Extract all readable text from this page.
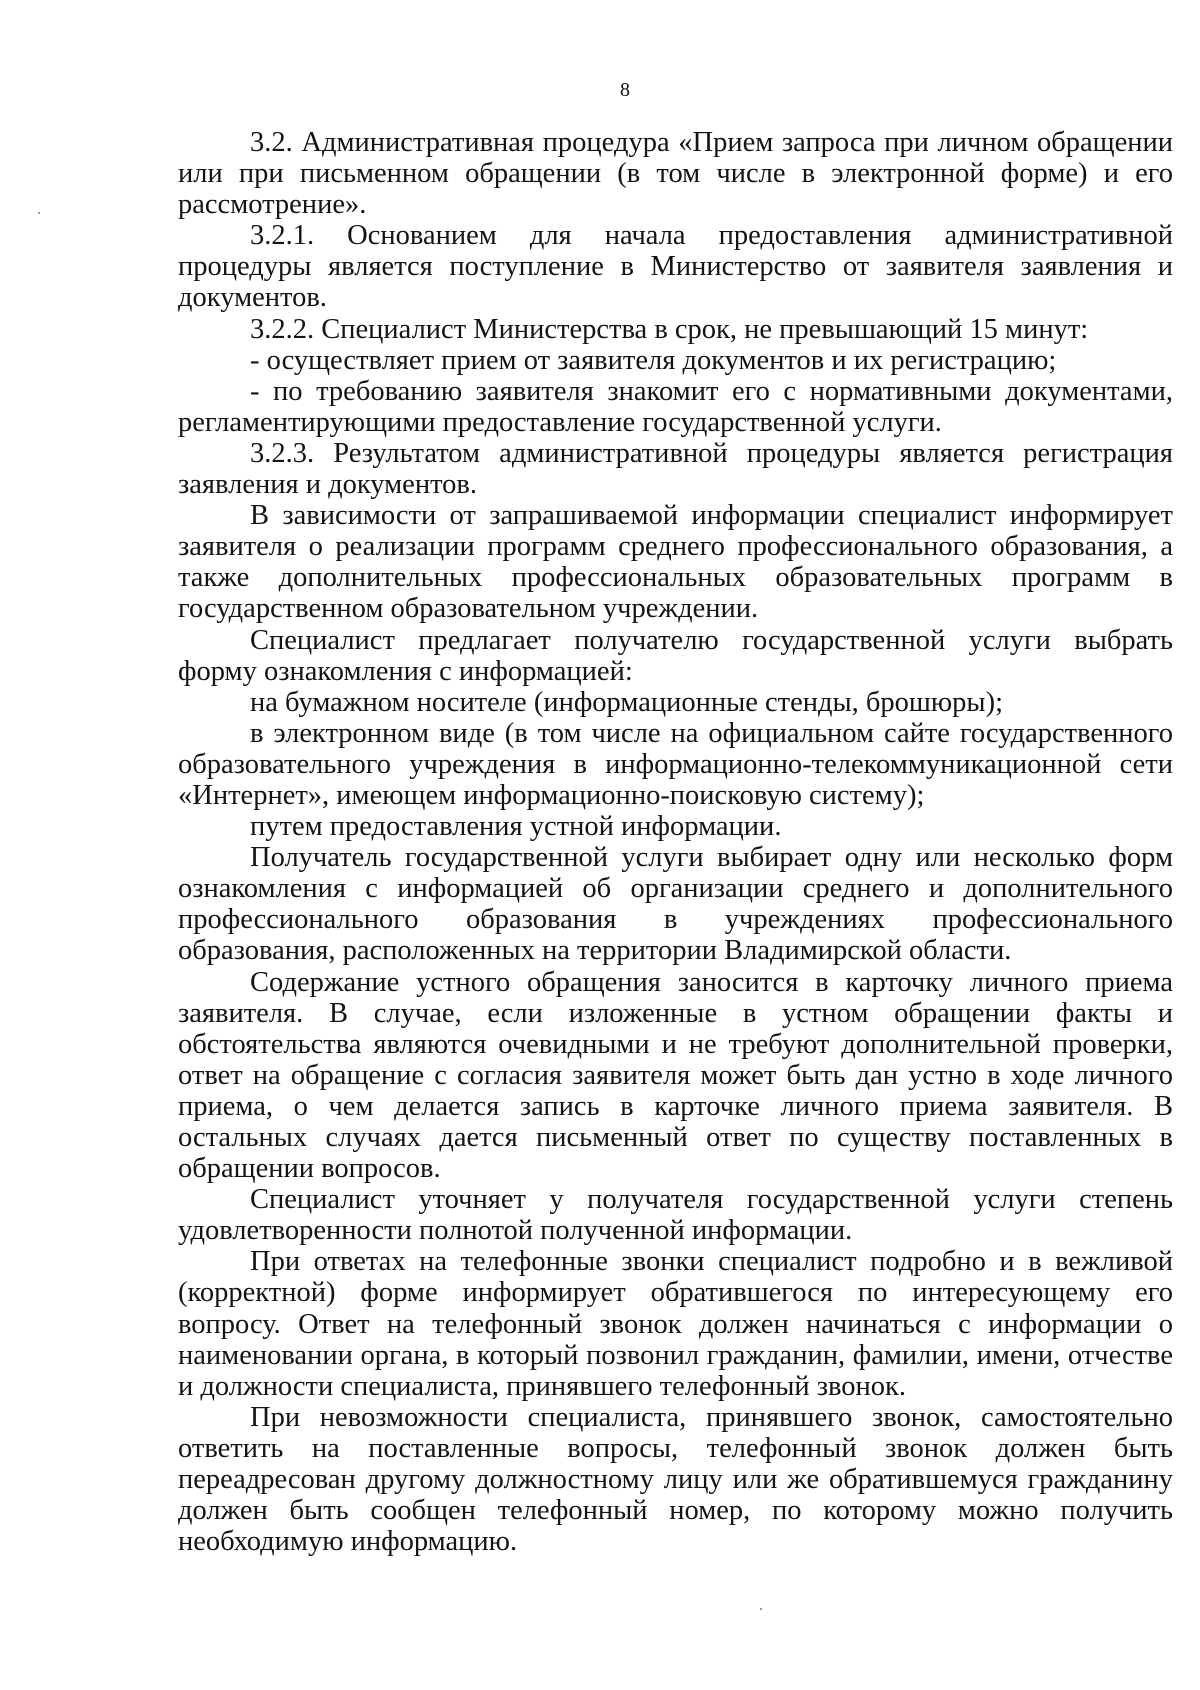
8

3.2. Административная процедура «Прием запроса при личном обращении или при письменном обращении (в том числе в электронной форме) и его рассмотрение».

3.2.1. Основанием для начала предоставления административной процедуры является поступление в Министерство от заявителя заявления и документов.

3.2.2. Специалист Министерства в срок, не превышающий 15 минут:

- осуществляет прием от заявителя документов и их регистрацию;

- по требованию заявителя знакомит его с нормативными документами, регламентирующими предоставление государственной услуги.

3.2.3. Результатом административной процедуры является регистрация заявления и документов.

В зависимости от запрашиваемой информации специалист информирует заявителя о реализации программ среднего профессионального образования, а также дополнительных профессиональных образовательных программ в государственном образовательном учреждении.

Специалист предлагает получателю государственной услуги выбрать форму ознакомления с информацией:

на бумажном носителе (информационные стенды, брошюры);

в электронном виде (в том числе на официальном сайте государственного образовательного учреждения в информационно-телекоммуникационной сети «Интернет», имеющем информационно-поисковую систему);

путем предоставления устной информации.

Получатель государственной услуги выбирает одну или несколько форм ознакомления с информацией об организации среднего и дополнительного профессионального образования в учреждениях профессионального образования, расположенных на территории Владимирской области.

Содержание устного обращения заносится в карточку личного приема заявителя. В случае, если изложенные в устном обращении факты и обстоятельства являются очевидными и не требуют дополнительной проверки, ответ на обращение с согласия заявителя может быть дан устно в ходе личного приема, о чем делается запись в карточке личного приема заявителя. В остальных случаях дается письменный ответ по существу поставленных в обращении вопросов.

Специалист уточняет у получателя государственной услуги степень удовлетворенности полнотой полученной информации.

При ответах на телефонные звонки специалист подробно и в вежливой (корректной) форме информирует обратившегося по интересующему его вопросу. Ответ на телефонный звонок должен начинаться с информации о наименовании органа, в который позвонил гражданин, фамилии, имени, отчестве и должности специалиста, принявшего телефонный звонок.

При невозможности специалиста, принявшего звонок, самостоятельно ответить на поставленные вопросы, телефонный звонок должен быть переадресован другому должностному лицу или же обратившемуся гражданину должен быть сообщен телефонный номер, по которому можно получить необходимую информацию.
